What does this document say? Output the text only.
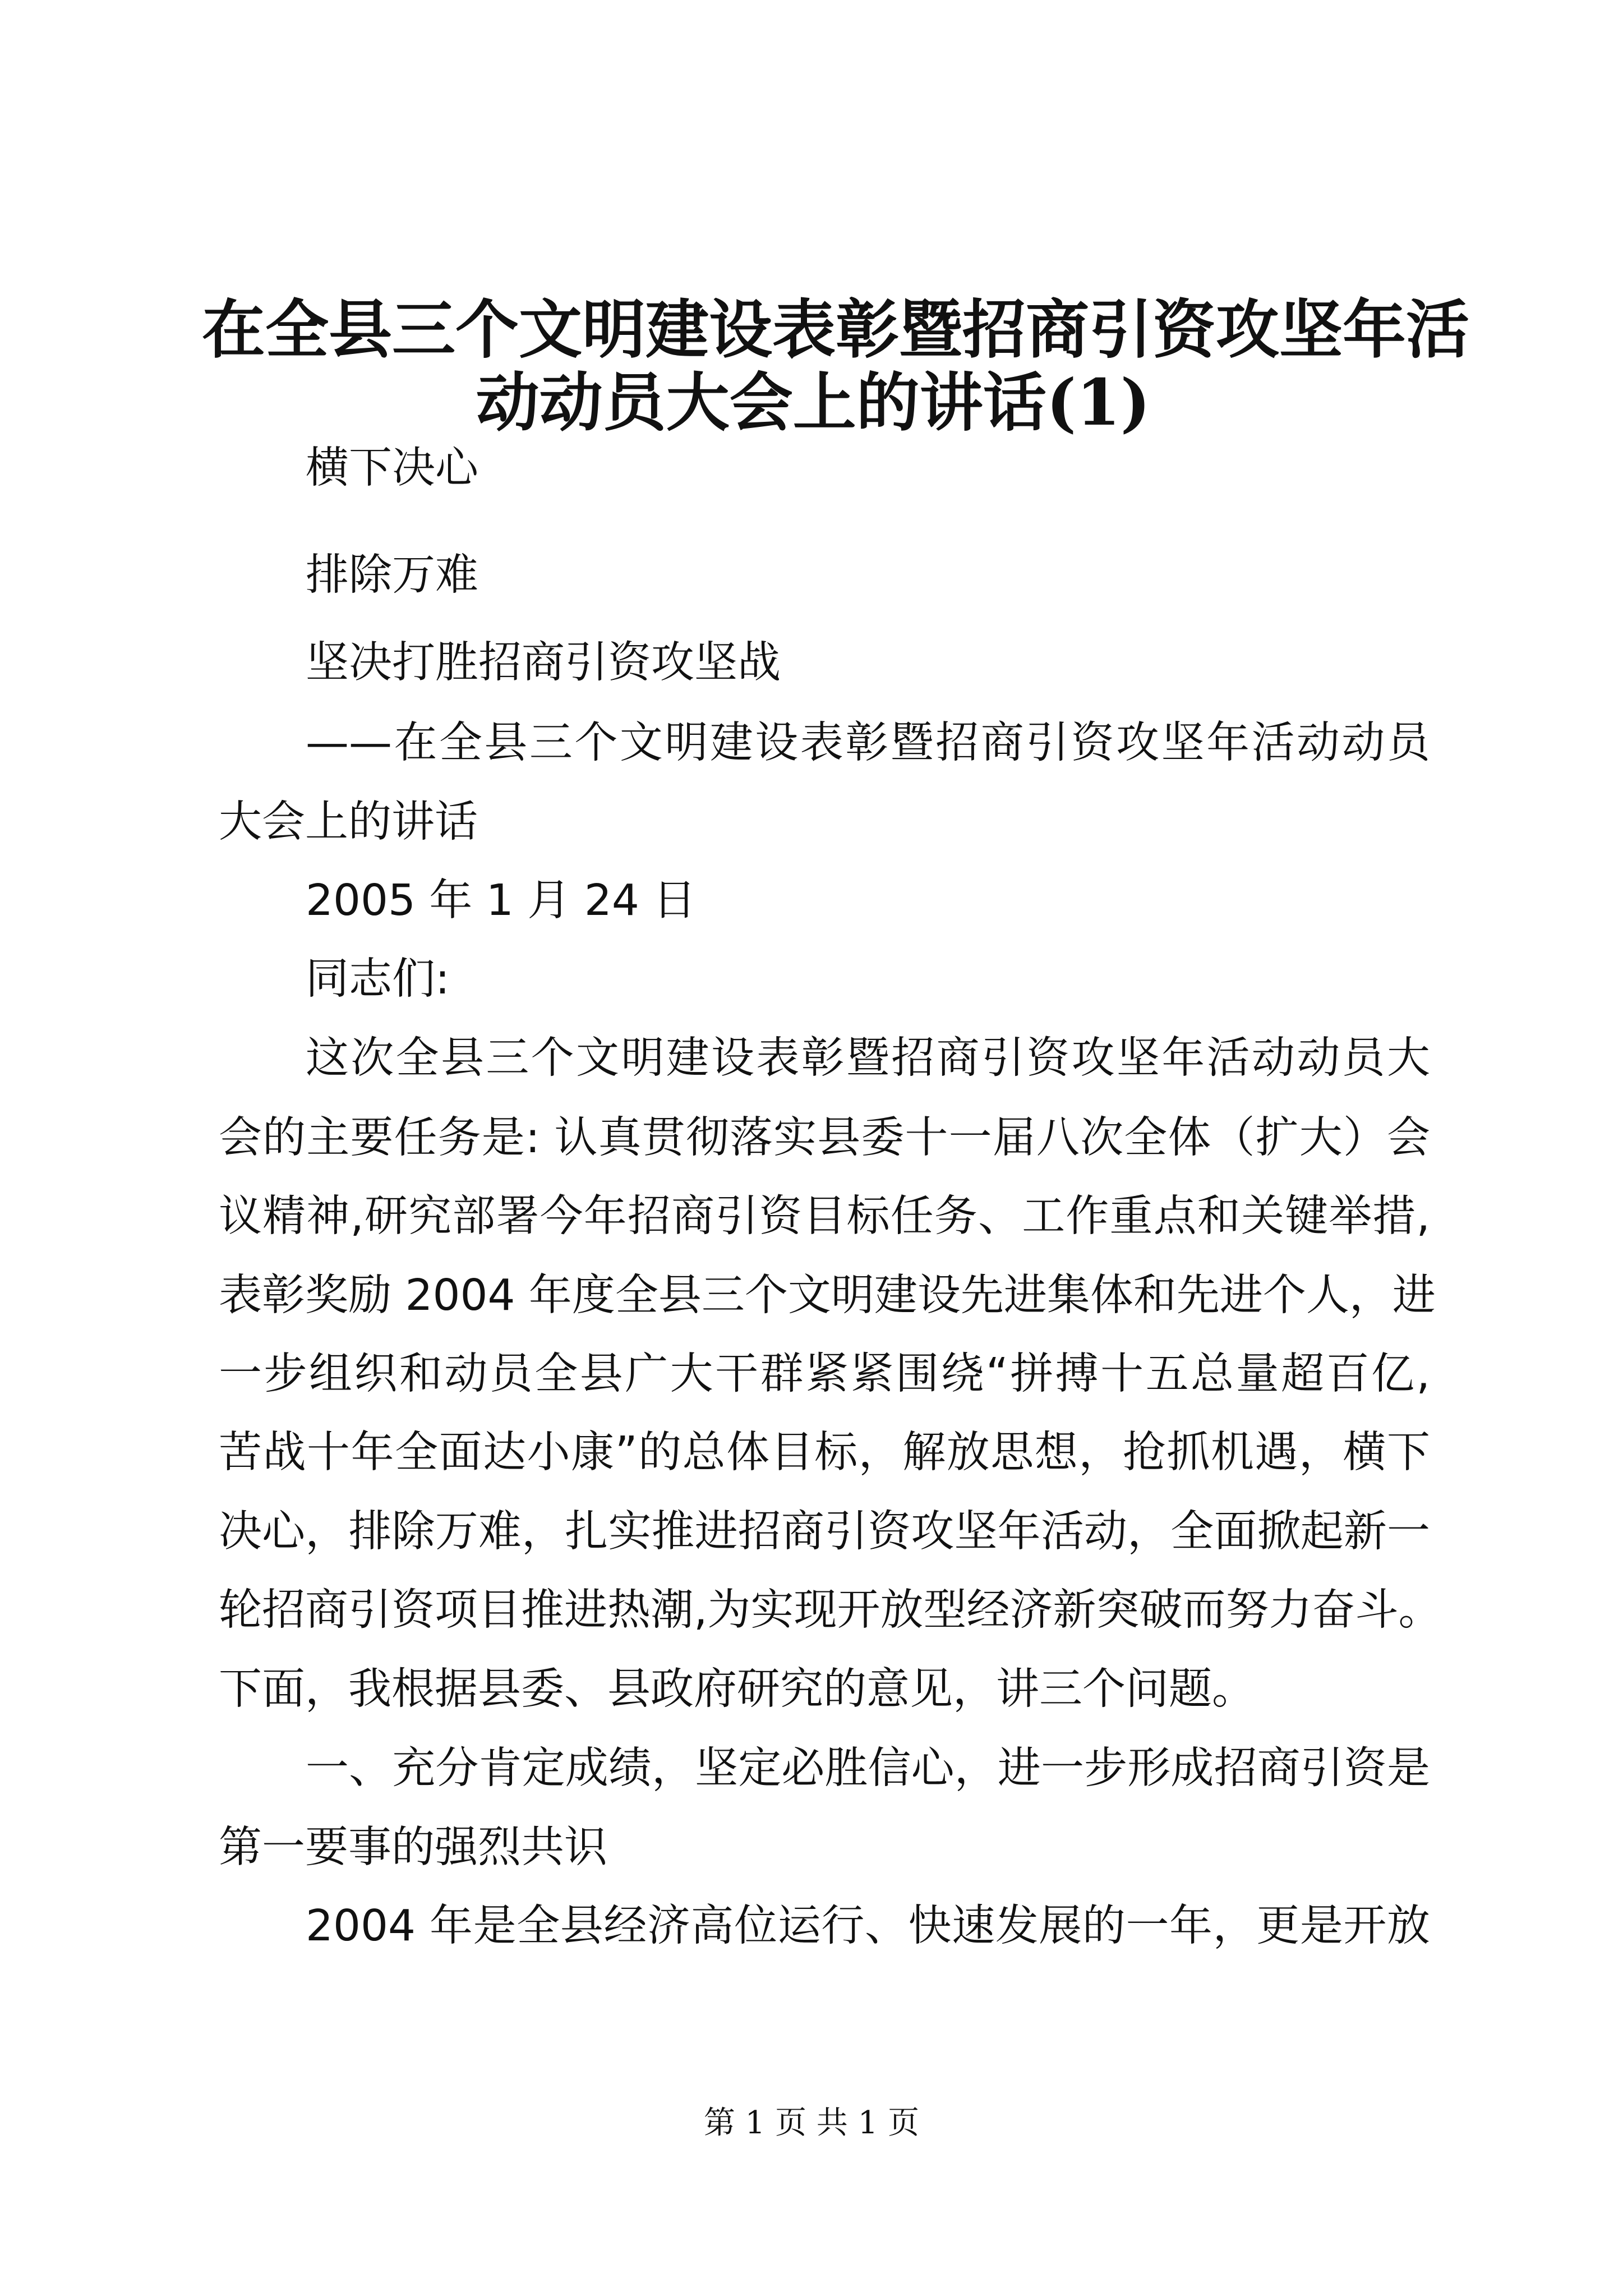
在全县三个文明建设表彰暨招商引资攻坚年活
动动员大会上的讲话(1)

横下决心

排除万难

坚决打胜招商引资攻坚战

——在全县三个文明建设表彰暨招商引资攻坚年活动动员

大会上的讲话

2005 年 1 月 24 日

同志们:

这次全县三个文明建设表彰暨招商引资攻坚年活动动员大

会的主要任务是: 认真贯彻落实县委十一届八次全体（扩大）会

议精神,研究部署今年招商引资目标任务、工作重点和关键举措,

表彰奖励 2004 年度全县三个文明建设先进集体和先进个人，进

一步组织和动员全县广大干群紧紧围绕“拼搏十五总量超百亿,

苦战十年全面达小康”的总体目标，解放思想，抢抓机遇，横下

决心，排除万难，扎实推进招商引资攻坚年活动，全面掀起新一

轮招商引资项目推进热潮,为实现开放型经济新突破而努力奋斗。

下面，我根据县委、县政府研究的意见，讲三个问题。

一、充分肯定成绩，坚定必胜信心，进一步形成招商引资是

第一要事的强烈共识

2004 年是全县经济高位运行、快速发展的一年，更是开放

第 1 页 共 1 页
